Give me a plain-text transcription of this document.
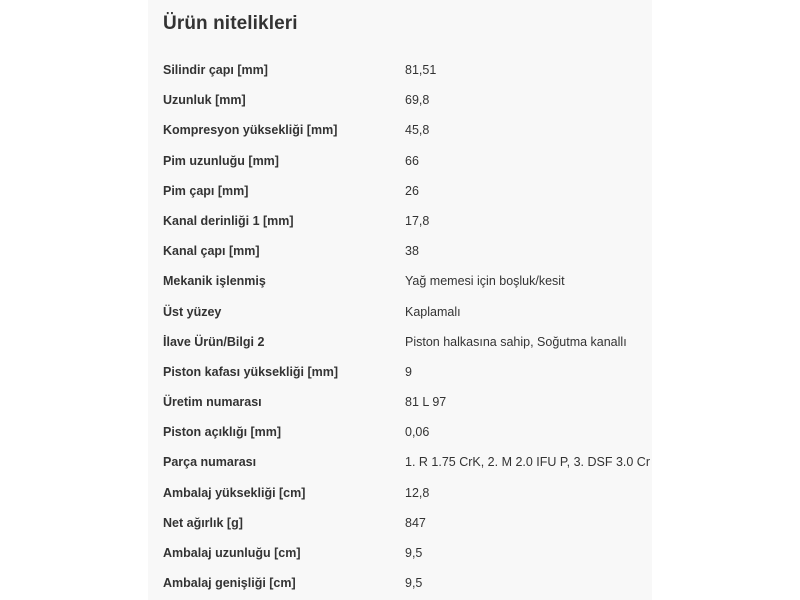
Ürün nitelikleri
Silindir çapı [mm]	81,51
Uzunluk [mm]	69,8
Kompresyon yüksekliği [mm]	45,8
Pim uzunluğu [mm]	66
Pim çapı [mm]	26
Kanal derinliği 1 [mm]	17,8
Kanal çapı [mm]	38
Mekanik işlenmiş	Yağ memesi için boşluk/kesit
Üst yüzey	Kaplamalı
İlave Ürün/Bilgi 2	Piston halkasına sahip, Soğutma kanallı
Piston kafası yüksekliği [mm]	9
Üretim numarası	81 L 97
Piston açıklığı [mm]	0,06
Parça numarası	1. R 1.75 CrK, 2. M 2.0 IFU P, 3. DSF 3.0 Cr
Ambalaj yüksekliği [cm]	12,8
Net ağırlık [g]	847
Ambalaj uzunluğu [cm]	9,5
Ambalaj genişliği [cm]	9,5
